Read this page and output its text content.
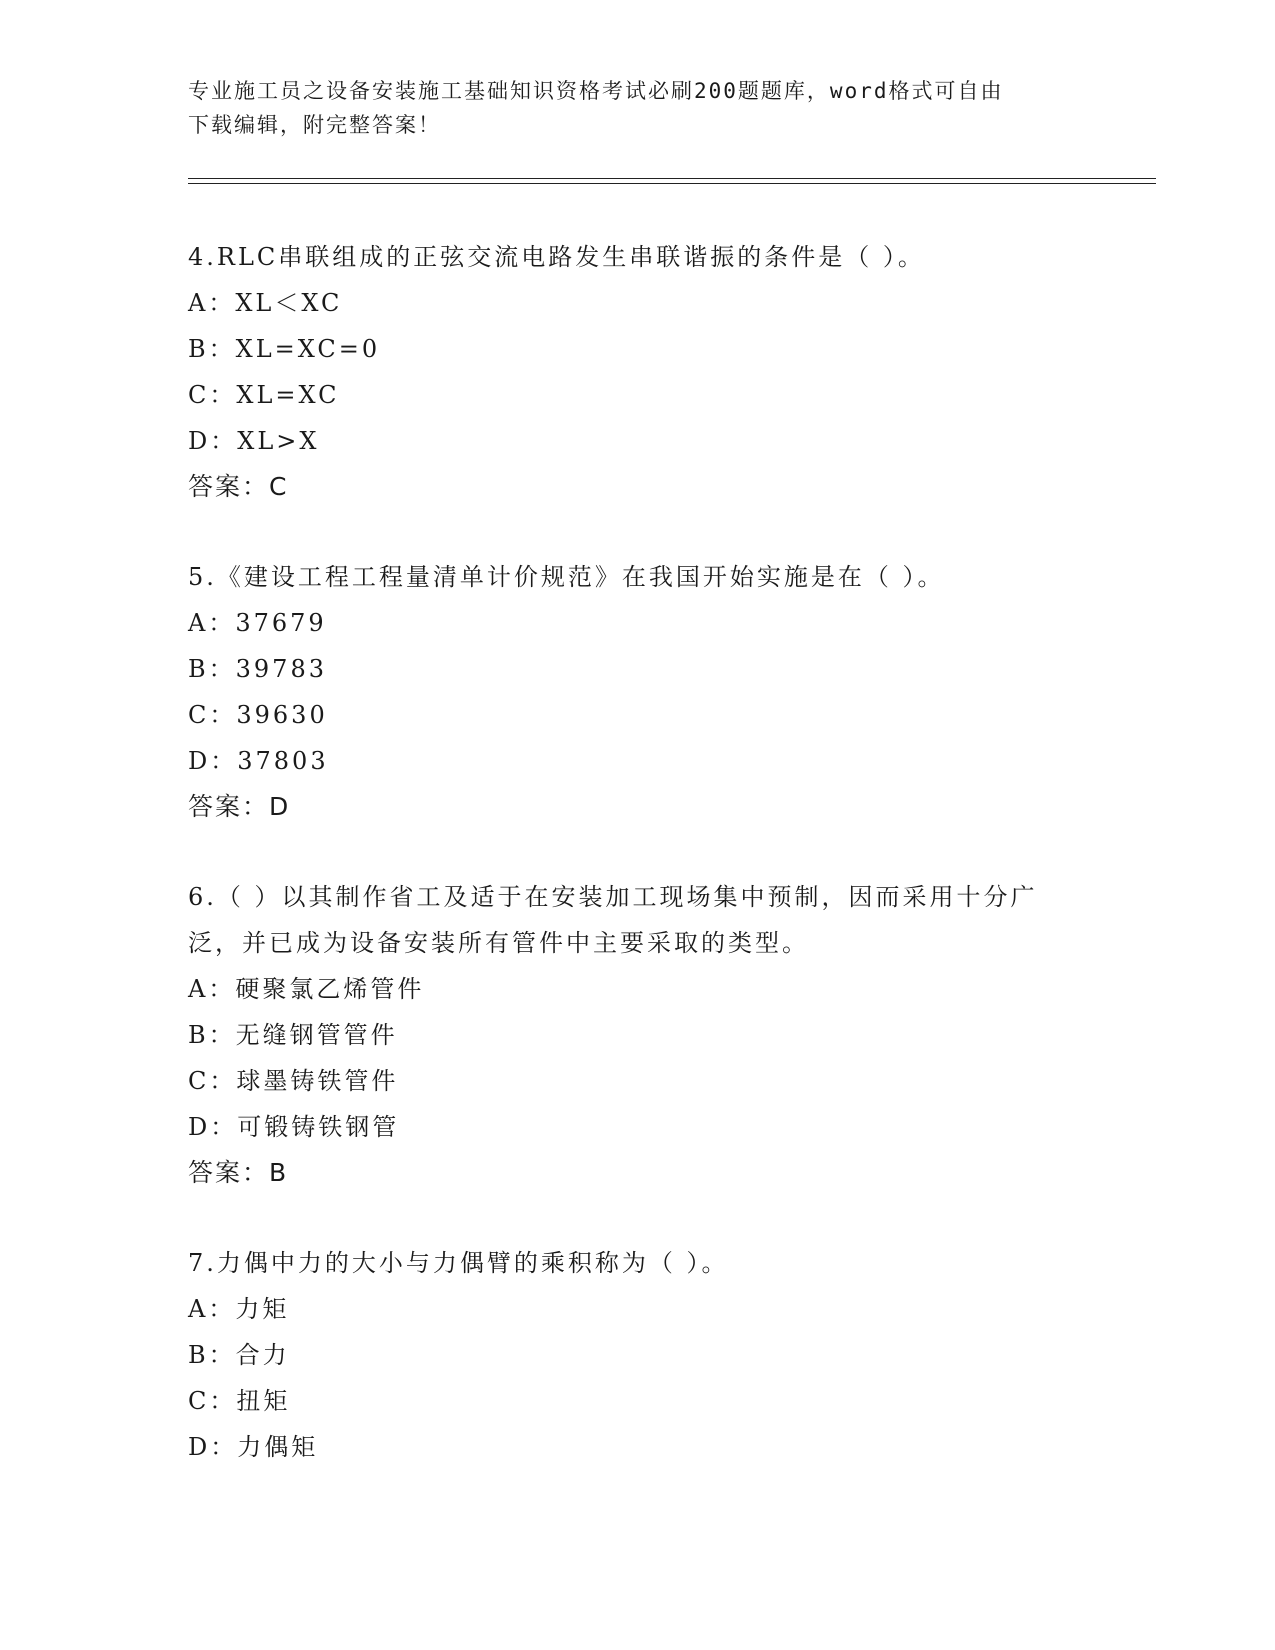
专业施工员之设备安装施工基础知识资格考试必刷200题题库，word格式可自由
下载编辑，附完整答案！
4.RLC串联组成的正弦交流电路发生串联谐振的条件是（ ）。
A：XL＜XC
B：XL=XC=0
C：XL=XC
D：XL>X
答案：C
5.《建设工程工程量清单计价规范》在我国开始实施是在（ ）。
A：37679
B：39783
C：39630
D：37803
答案：D
6.（ ）以其制作省工及适于在安装加工现场集中预制，因而采用十分广泛，并已成为设备安装所有管件中主要采取的类型。
A：硬聚氯乙烯管件
B：无缝钢管管件
C：球墨铸铁管件
D：可锻铸铁钢管
答案：B
7.力偶中力的大小与力偶臂的乘积称为（ ）。
A：力矩
B：合力
C：扭矩
D：力偶矩
